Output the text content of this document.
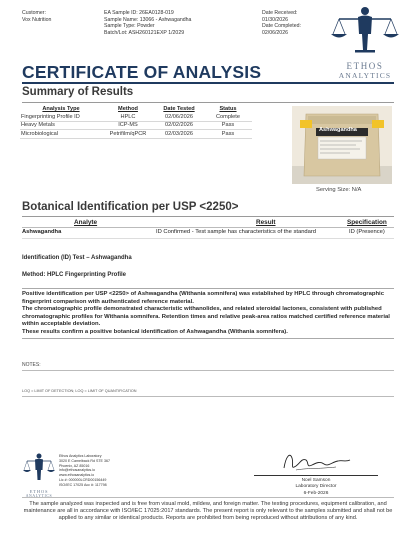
Customer:
Vox Nutrition
EA Sample ID: 26EA0128-019
Sample Name: 13066 - Ashwagandha
Sample Type: Powder
Batch/Lot: ASH260121EXP 1/2029
Date Received:
01/30/2026
Date Completed:
02/06/2026
ETHOS
ANALYTICS
CERTIFICATE OF ANALYSIS
Summary of Results
Analysis Type	Method	Date Tested	Status
Fingerprinting Profile ID	HPLC	02/06/2026	Complete
Heavy Metals	ICP-MS	02/02/2026	Pass
Microbiological	Petrifilm/qPCR	02/03/2026	Pass
Ashwagandha
Serving Size: N/A
Botanical Identification per USP <2250>
Analyte	Result	Specification
Ashwagandha	ID Confirmed - Test sample has characteristics of the standard	ID (Presence)
Identification (ID) Test – Ashwagandha
Method: HPLC Fingerprinting Profile

Positive identification per USP <2250> of Ashwagandha (Withania somnifera) was established by HPLC through chromatographic fingerprint comparison with authenticated reference material.

The chromatographic profile demonstrated characteristic withanolides, and related steroidal lactones, consistent with published chromatographic profiles for Withania somnifera. Retention times and relative peak-area ratios matched certified reference material within acceptable deviation.

These results confirm a positive botanical identification of Ashwagandha (Withania somnifera).

NOTES:
LOQ = LIMIT OF DETECTION; LOQ = LIMIT OF QUANTIFICATION
ETHOS
ANALYTICS
Ethos Analytics Laboratory
3020 E Camelback Rd STE 367
Phoenix, AZ 85016
info@ethosanalytics.io
www.ethosanalytics.io
Lic #: 000000LCRD00156449
ISO/IEC 17025 Acc #: 117798
Noel Samson
Laboratory Director
6-Feb-2026
The sample analyzed was inspected and is free from visual mold, mildew, and foreign matter. The testing procedures, equipment calibration, and maintenance are all in accordance with ISO/IEC 17025:2017 standards. The present report is only relevant to the samples submitted and shall not be applied to any similar or identical products. Reports are prohibited from being reproduced without attributions of any kind.
